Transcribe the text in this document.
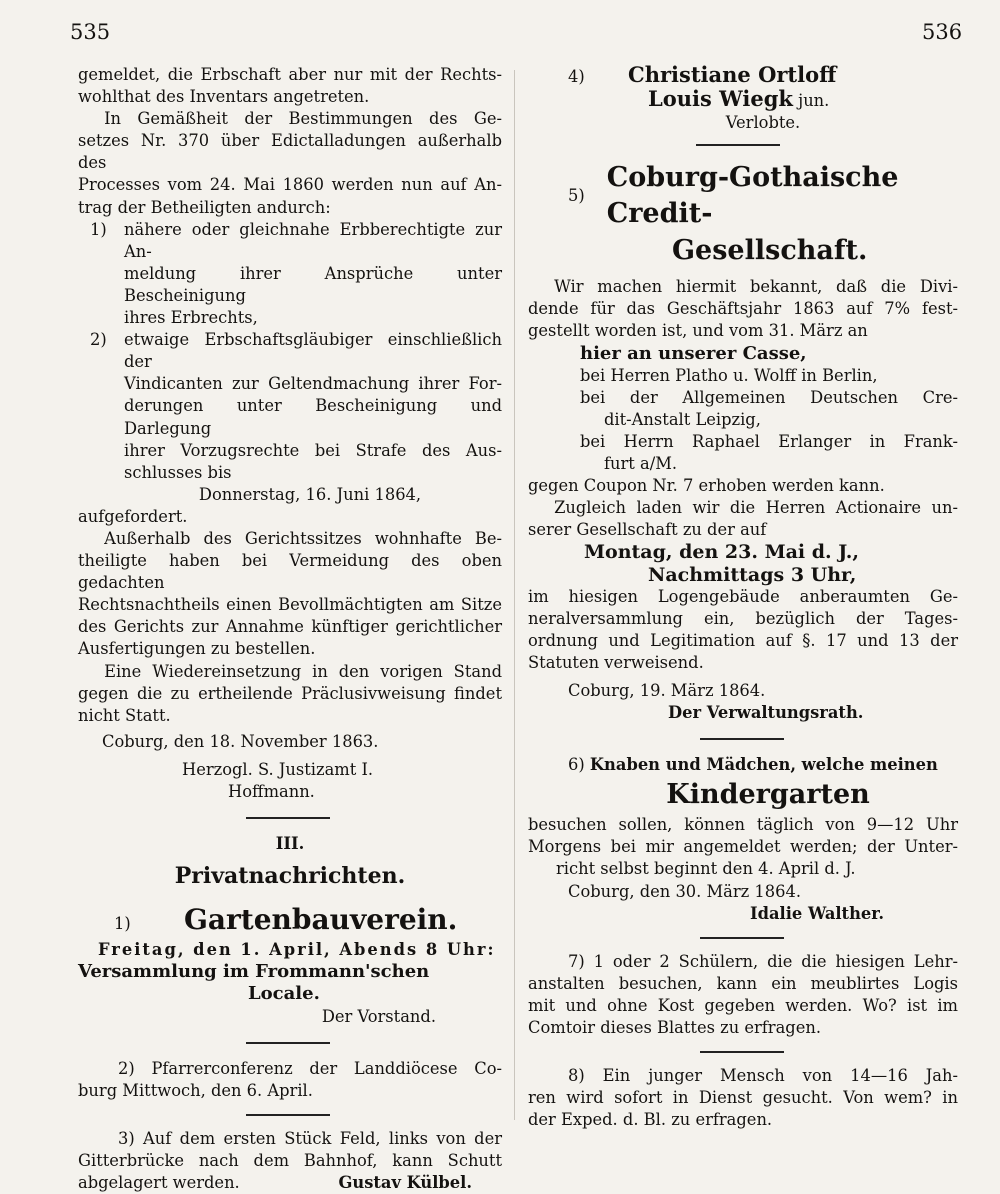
535	536

gemeldet, die Erbschaft aber nur mit der Rechts-

wohlthat des Inventars angetreten.

In Gemäßheit der Bestimmungen des Ge-

setzes Nr. 370 über Edictalladungen außerhalb des

Processes vom 24. Mai 1860 werden nun auf An-

trag der Betheiligten andurch:

1)	nähere oder gleichnahe Erbberechtigte zur An-

meldung ihrer Ansprüche unter Bescheinigung

ihres Erbrechts,

2)	etwaige Erbschaftsgläubiger einschließlich der

Vindicanten zur Geltendmachung ihrer For-

derungen unter Bescheinigung und Darlegung

ihrer Vorzugsrechte bei Strafe des Aus-

schlusses bis

Donnerstag, 16. Juni 1864,

aufgefordert.

Außerhalb des Gerichtssitzes wohnhafte Be-

theiligte haben bei Vermeidung des oben gedachten

Rechtsnachtheils einen Bevollmächtigten am Sitze

des Gerichts zur Annahme künftiger gerichtlicher

Ausfertigungen zu bestellen.

Eine Wiedereinsetzung in den vorigen Stand

gegen die zu ertheilende Präclusivweisung findet

nicht Statt.

Coburg, den 18. November 1863.

Herzogl. S. Justizamt I.

Hoffmann.

III.

Privatnachrichten.

1)	Gartenbauverein.

Freitag, den 1. April, Abends 8 Uhr:

Versammlung im Frommann'schen

Locale.

Der Vorstand.

2) Pfarrerconferenz der Landdiöcese Co-

burg Mittwoch, den 6. April.

3) Auf dem ersten Stück Feld, links von der

Gitterbrücke nach dem Bahnhof, kann Schutt

abgelagert werden.	Gustav Külbel.
4)	Christiane Ortloff

Louis Wiegk jun.

Verlobte.

5)
Coburg-Gothaische Credit-

Gesellschaft.

Wir machen hiermit bekannt, daß die Divi-

dende für das Geschäftsjahr 1863 auf 7% fest-

gestellt worden ist, und vom 31. März an

hier an unserer Casse,

bei Herren Platho u. Wolff in Berlin,

bei der Allgemeinen Deutschen Cre-

dit-Anstalt Leipzig,

bei Herrn Raphael Erlanger in Frank-

furt a/M.

gegen Coupon Nr. 7 erhoben werden kann.

Zugleich laden wir die Herren Actionaire un-

serer Gesellschaft zu der auf

Montag, den 23. Mai d. J.,

Nachmittags 3 Uhr,

im hiesigen Logengebäude anberaumten Ge-

neralversammlung ein, bezüglich der Tages-

ordnung und Legitimation auf §. 17 und 13 der

Statuten verweisend.

Coburg, 19. März 1864.

Der Verwaltungsrath.

6) Knaben und Mädchen, welche meinen

Kindergarten

besuchen sollen, können täglich von 9—12 Uhr

Morgens bei mir angemeldet werden; der Unter-

richt selbst beginnt den 4. April d. J.

Coburg, den 30. März 1864.

Idalie Walther.

7) 1 oder 2 Schülern, die die hiesigen Lehr-

anstalten besuchen, kann ein meublirtes Logis

mit und ohne Kost gegeben werden. Wo? ist im

Comtoir dieses Blattes zu erfragen.

8) Ein junger Mensch von 14—16 Jah-

ren wird sofort in Dienst gesucht. Von wem? in

der Exped. d. Bl. zu erfragen.
